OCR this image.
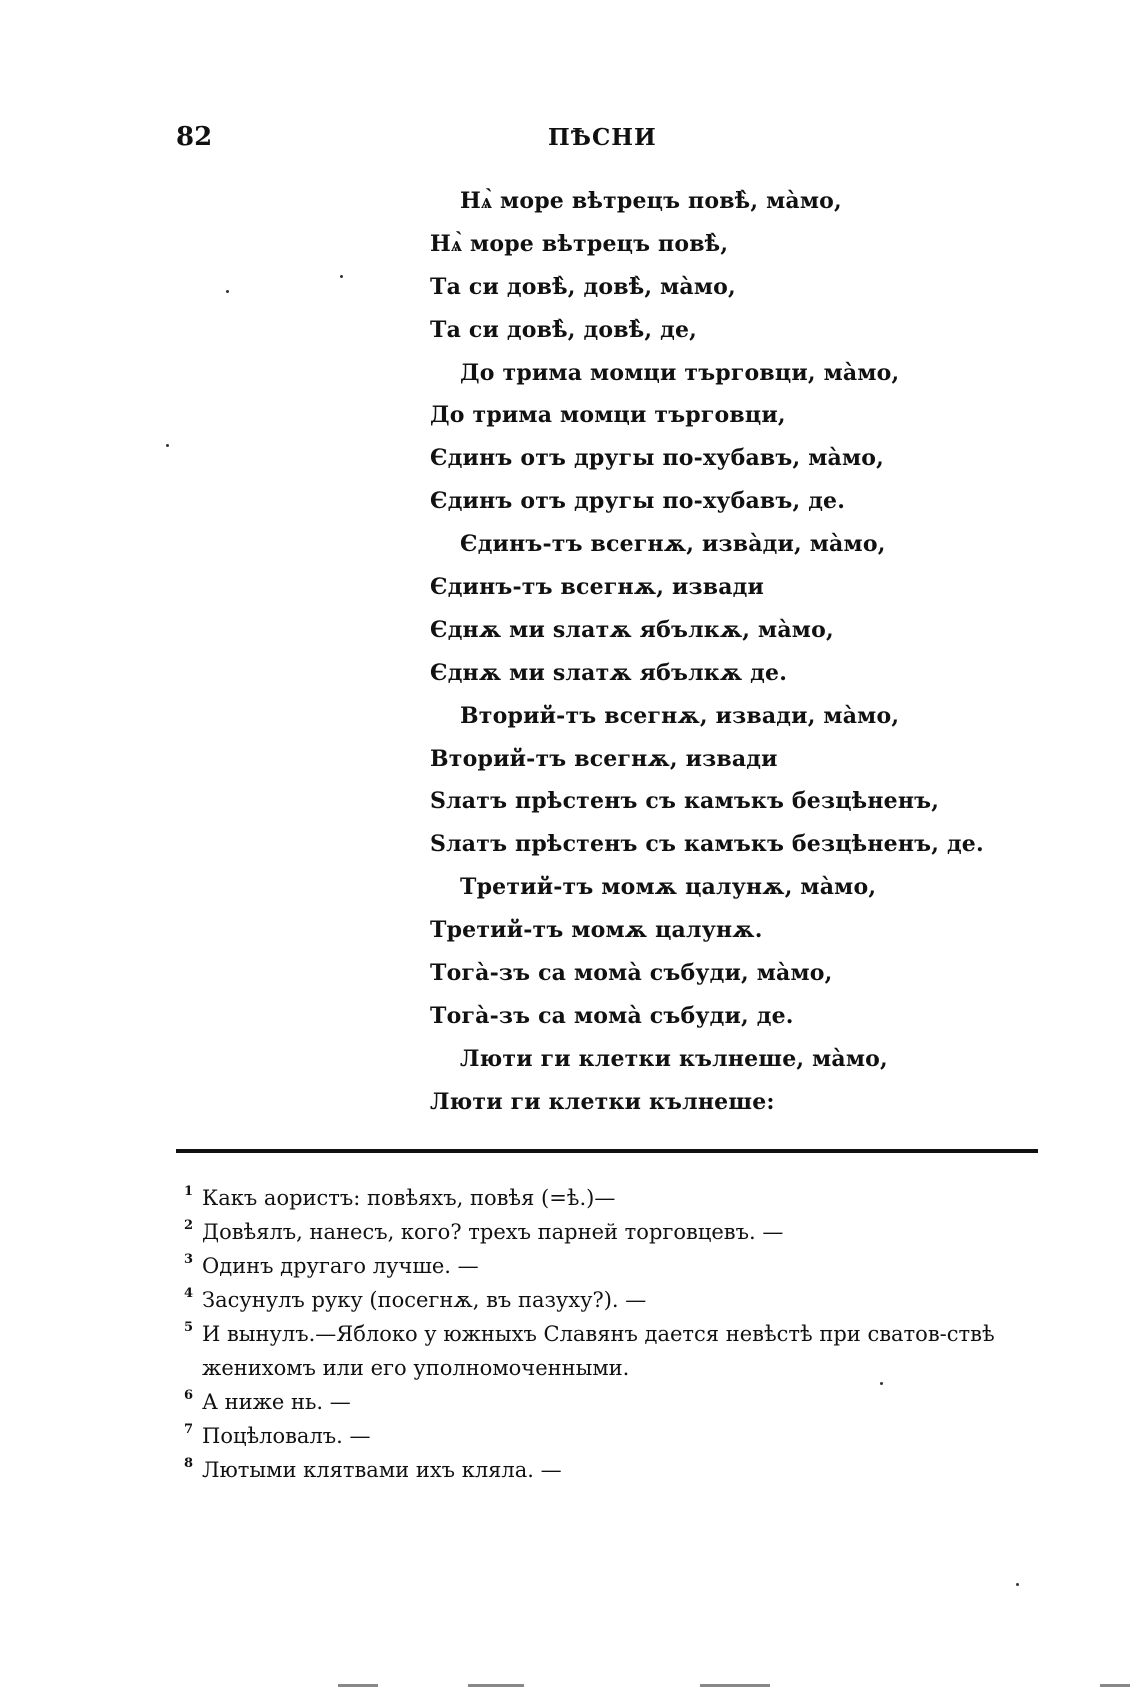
82	ПѢСНИ
Нѧ̀ море вѣтрецъ повѣ̀, ма̀мо,
Нѧ̀ море вѣтрецъ повѣ̀,
Та си довѣ̀, довѣ̀, ма̀мо,
Та си довѣ̀, довѣ̀, де,
До трима момци търговци, ма̀мо,
До трима момци търговци,
Єдинъ отъ другы по-хубавъ, ма̀мо,
Єдинъ отъ другы по-хубавъ, де.
Єдинъ-тъ всегнѫ, изва̀ди, ма̀мо,
Єдинъ-тъ всегнѫ, извади
Єднѫ ми ѕлатѫ ябълкѫ, ма̀мо,
Єднѫ ми ѕлатѫ ябълкѫ де.
Вторий-тъ всегнѫ, извади, ма̀мо,
Вторий-тъ всегнѫ, извади
Ѕлатъ прѣстенъ съ камъкъ безцѣненъ,
Ѕлатъ прѣстенъ съ камъкъ безцѣненъ, де.
Третий-тъ момѫ цалунѫ, ма̀мо,
Третий-тъ момѫ цалунѫ.
Тога̀-зъ са мома̀ събуди, ма̀мо,
Тога̀-зъ са мома̀ събуди, де.
Люти ги клетки кълнеше, ма̀мо,
Люти ги клетки кълнеше:
1 Какъ аористъ: повѣяхъ, повѣя (=ѣ.)—
2 Довѣялъ, нанесъ, кого? трехъ парней торговцевъ. —
3 Одинъ другаго лучше. —
4 Засунулъ руку (посегнѫ, въ пазуху?). —
5 И вынулъ.—Яблоко у южныхъ Славянъ дается невѣстѣ при сватов-ствѣ женихомъ или его уполномоченными.
6 А ниже нь. —
7 Поцѣловалъ. —
8 Лютыми клятвами ихъ клялa. —
